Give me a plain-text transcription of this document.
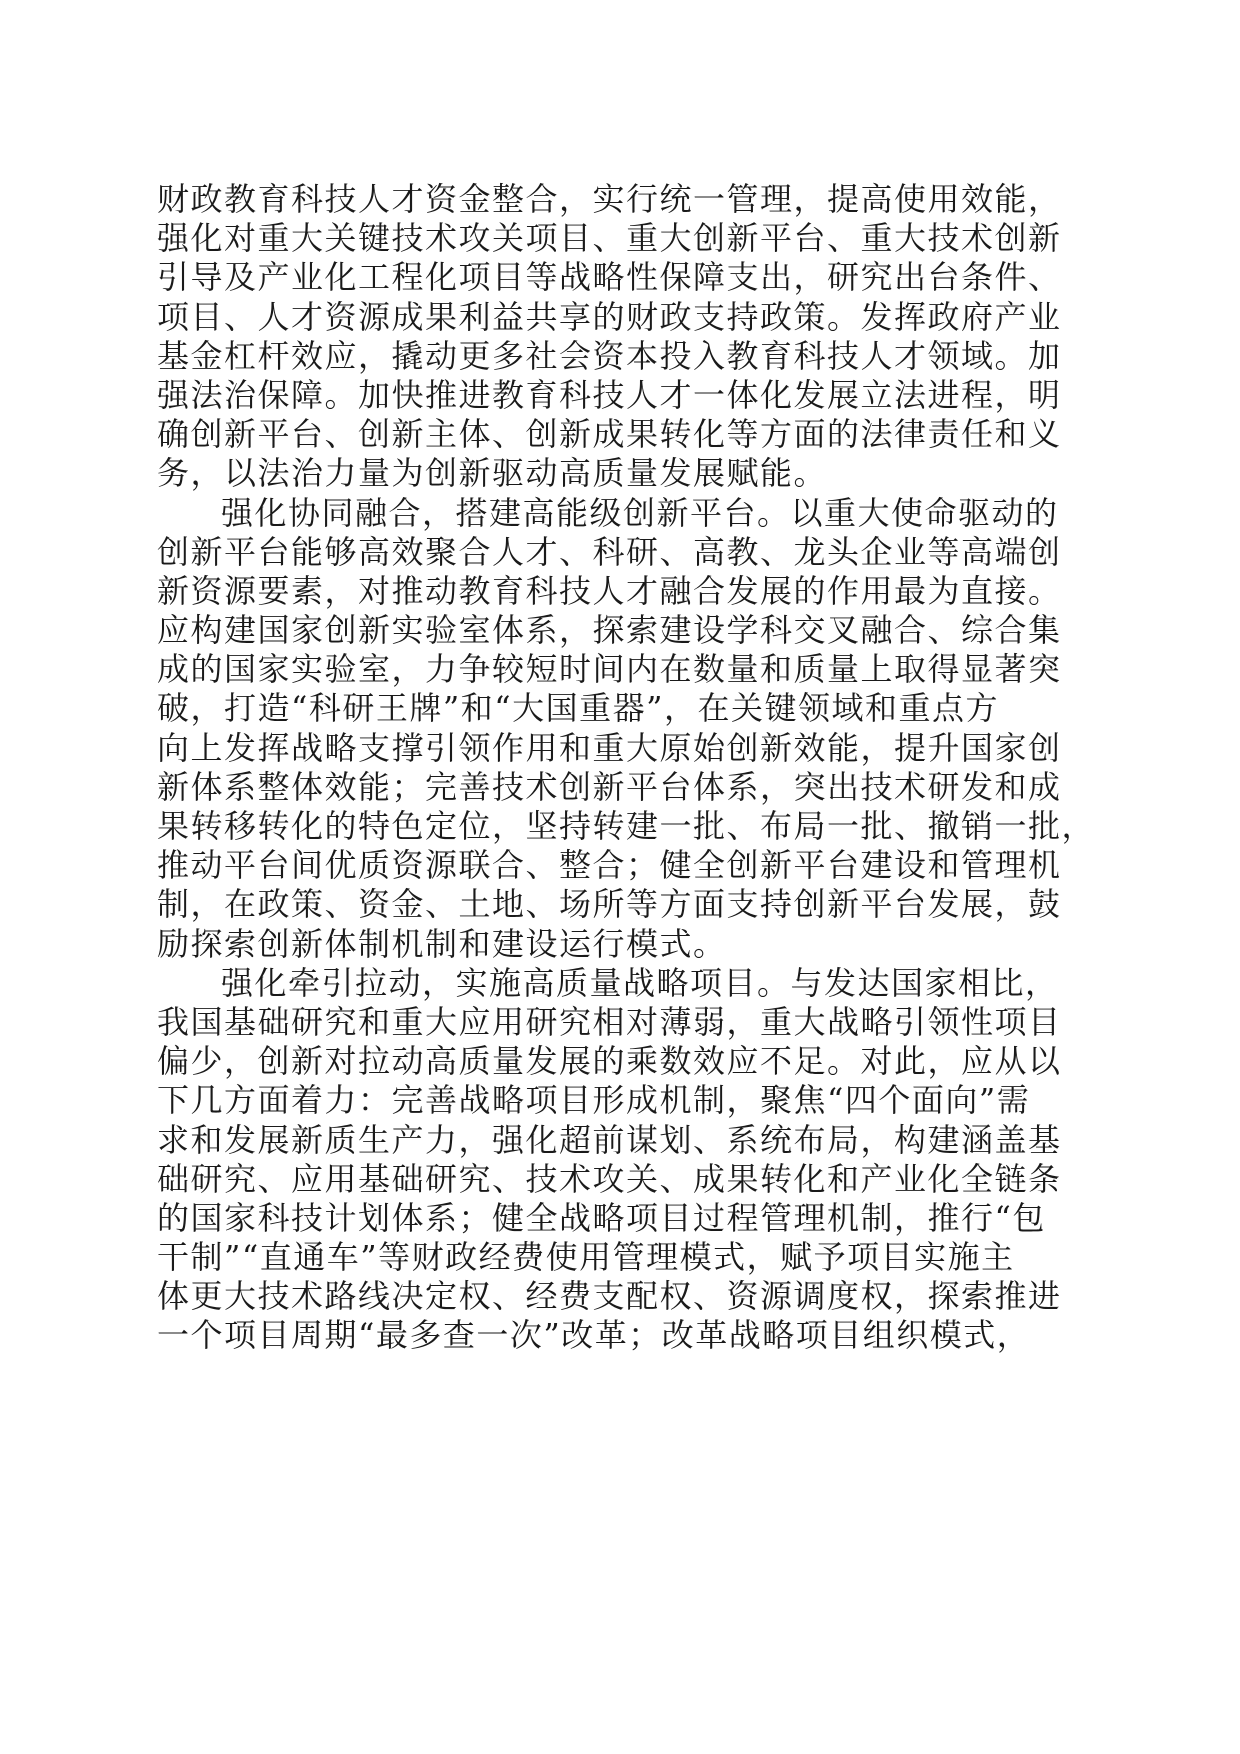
财政教育科技人才资金整合，实行统一管理，提高使用效能，
强化对重大关键技术攻关项目、重大创新平台、重大技术创新
引导及产业化工程化项目等战略性保障支出，研究出台条件、
项目、人才资源成果利益共享的财政支持政策。发挥政府产业
基金杠杆效应，撬动更多社会资本投入教育科技人才领域。加
强法治保障。加快推进教育科技人才一体化发展立法进程，明
确创新平台、创新主体、创新成果转化等方面的法律责任和义
务，以法治力量为创新驱动高质量发展赋能。
强化协同融合，搭建高能级创新平台。以重大使命驱动的
创新平台能够高效聚合人才、科研、高教、龙头企业等高端创
新资源要素，对推动教育科技人才融合发展的作用最为直接。
应构建国家创新实验室体系，探索建设学科交叉融合、综合集
成的国家实验室，力争较短时间内在数量和质量上取得显著突
破，打造“科研王牌”和“大国重器”，在关键领域和重点方
向上发挥战略支撑引领作用和重大原始创新效能，提升国家创
新体系整体效能；完善技术创新平台体系，突出技术研发和成
果转移转化的特色定位，坚持转建一批、布局一批、撤销一批，
推动平台间优质资源联合、整合；健全创新平台建设和管理机
制，在政策、资金、土地、场所等方面支持创新平台发展，鼓
励探索创新体制机制和建设运行模式。
强化牵引拉动，实施高质量战略项目。与发达国家相比，
我国基础研究和重大应用研究相对薄弱，重大战略引领性项目
偏少，创新对拉动高质量发展的乘数效应不足。对此，应从以
下几方面着力：完善战略项目形成机制，聚焦“四个面向”需
求和发展新质生产力，强化超前谋划、系统布局，构建涵盖基
础研究、应用基础研究、技术攻关、成果转化和产业化全链条
的国家科技计划体系；健全战略项目过程管理机制，推行“包
干制”“直通车”等财政经费使用管理模式，赋予项目实施主
体更大技术路线决定权、经费支配权、资源调度权，探索推进
一个项目周期“最多查一次”改革；改革战略项目组织模式，
